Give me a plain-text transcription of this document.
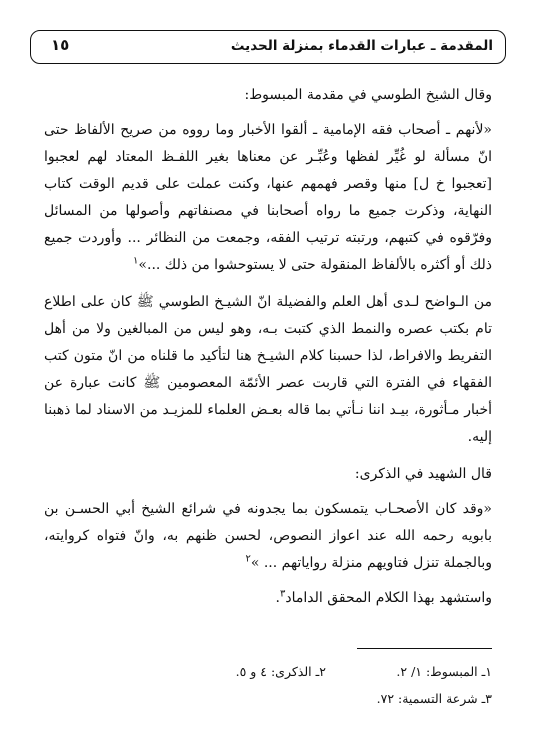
المقدمة ـ عبارات القدماء بمنزلة الحديث
١٥

وقال الشيخ الطوسي في مقدمة المبسوط:

«لأنهم ـ أصحاب فقه الإمامية ـ ألقوا الأخبار وما رووه من صريح الألفاظ حتى انّ مسألة لو غُيِّر لفظها وعُبِّـر عن معناها بغير اللفـظ المعتاد لهم لعجبوا [تعجبوا خ ل] منها وقصر فهمهم عنها، وكنت عملت على قديم الوقت كتاب النهاية، وذكرت جميع ما رواه أصحابنا في مصنفاتهم وأصولها من المسائل وفرّقوه في كتبهم، ورتبته ترتيب الفقه، وجمعت من النظائر ... وأوردت جميع ذلك أو أكثره بالألفاظ المنقولة حتى لا يستوحشوا من ذلك ...»$^١$

من الـواضح لـدى أهل العلم والفضيلة انّ الشيـخ الطوسي ﷺ كان على اطلاع تام بكتب عصره والنمط الذي كتبت بـه، وهو ليس من المبالغين ولا من أهل التفريط والافراط، لذا حسبنا كلام الشيـخ هنا لتأكيد ما قلناه من انّ متون كتب الفقهاء في الفترة التي قاربت عصر الأئمّة المعصومين ﷺ كانت عبارة عن أخبار مـأثورة، بيـد اننا نـأتي بما قاله بعـض العلماء للمزيـد من الاسناد لما ذهبنا إليه.

قال الشهيد في الذكرى:

«وقد كان الأصحـاب يتمسكون بما يجدونه في شرائع الشيخ أبي الحسـن بن بابويه رحمه الله عند اعواز النصوص، لحسن ظنهم به، وانّ فتواه كروايته، وبالجملة تنزل فتاويهم منزلة رواياتهم ... »$^٢$

واستشهد بهذا الكلام المحقق الداماد$^٣$.

١ـ المبسوط: ١/ ٢.
٢ـ الذكرى: ٤ و ٥.
٣ـ شرعة التسمية: ٧٢.
